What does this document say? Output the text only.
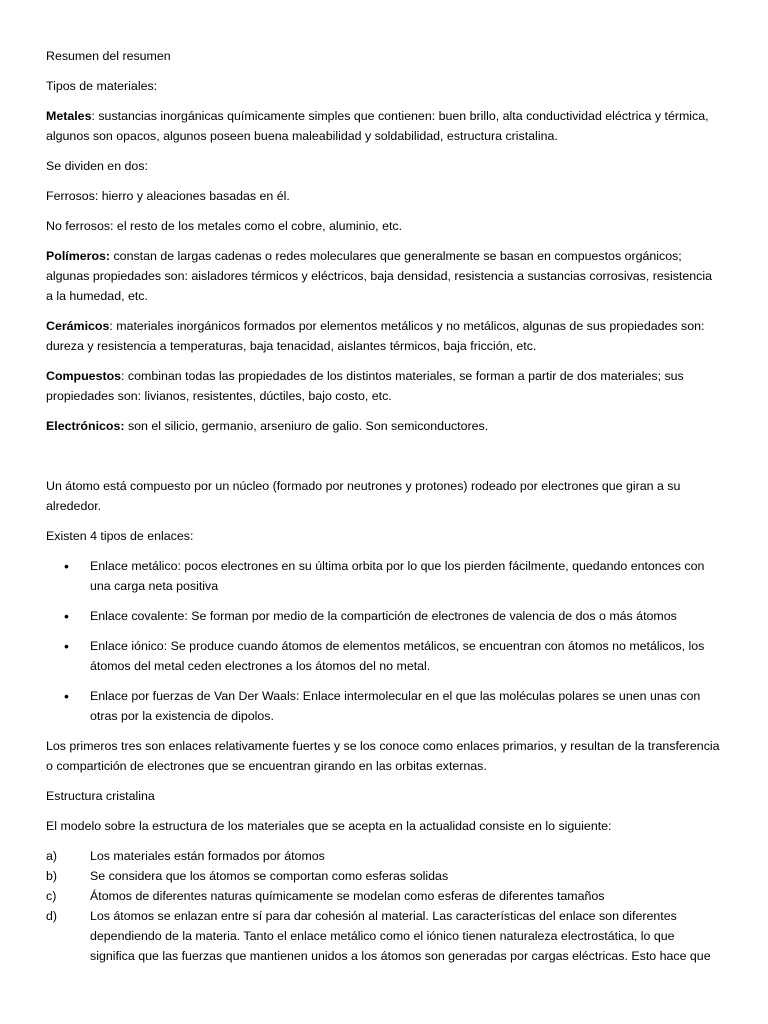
Resumen del resumen

Tipos de materiales:

Metales: sustancias inorgánicas químicamente simples que contienen: buen brillo, alta conductividad eléctrica y térmica, algunos son opacos, algunos poseen buena maleabilidad y soldabilidad, estructura cristalina.

Se dividen en dos:

Ferrosos: hierro y aleaciones basadas en él.

No ferrosos: el resto de los metales como el cobre, aluminio, etc.

Polímeros: constan de largas cadenas o redes moleculares que generalmente se basan en compuestos orgánicos; algunas propiedades son: aisladores térmicos y eléctricos, baja densidad, resistencia a sustancias corrosivas, resistencia a la humedad, etc.

Cerámicos: materiales inorgánicos formados por elementos metálicos y no metálicos, algunas de sus propiedades son: dureza y resistencia a temperaturas, baja tenacidad, aislantes térmicos, baja fricción, etc.

Compuestos: combinan todas las propiedades de los distintos materiales, se forman a partir de dos materiales; sus propiedades son: livianos, resistentes, dúctiles, bajo costo, etc.

Electrónicos: son el silicio, germanio, arseniuro de galio. Son semiconductores.

Un átomo está compuesto por un núcleo (formado por neutrones y protones) rodeado por electrones que giran a su alrededor.

Existen 4 tipos de enlaces:

• Enlace metálico: pocos electrones en su última orbita por lo que los pierden fácilmente, quedando entonces con una carga neta positiva
• Enlace covalente: Se forman por medio de la compartición de electrones de valencia de dos o más átomos
• Enlace iónico: Se produce cuando átomos de elementos metálicos, se encuentran con átomos no metálicos, los átomos del metal ceden electrones a los átomos del no metal.
• Enlace por fuerzas de Van Der Waals: Enlace intermolecular en el que las moléculas polares se unen unas con otras por la existencia de dipolos.

Los primeros tres son enlaces relativamente fuertes y se los conoce como enlaces primarios, y resultan de la transferencia o compartición de electrones que se encuentran girando en las orbitas externas.

Estructura cristalina

El modelo sobre la estructura de los materiales que se acepta en la actualidad consiste en lo siguiente:

a)	Los materiales están formados por átomos
b)	Se considera que los átomos se comportan como esferas solidas
c)	Átomos de diferentes naturas químicamente se modelan como esferas de diferentes tamaños
d)	Los átomos se enlazan entre sí para dar cohesión al material. Las características del enlace son diferentes dependiendo de la materia. Tanto el enlace metálico como el iónico tienen naturaleza electrostática, lo que significa que las fuerzas que mantienen unidos a los átomos son generadas por cargas eléctricas. Esto hace que
